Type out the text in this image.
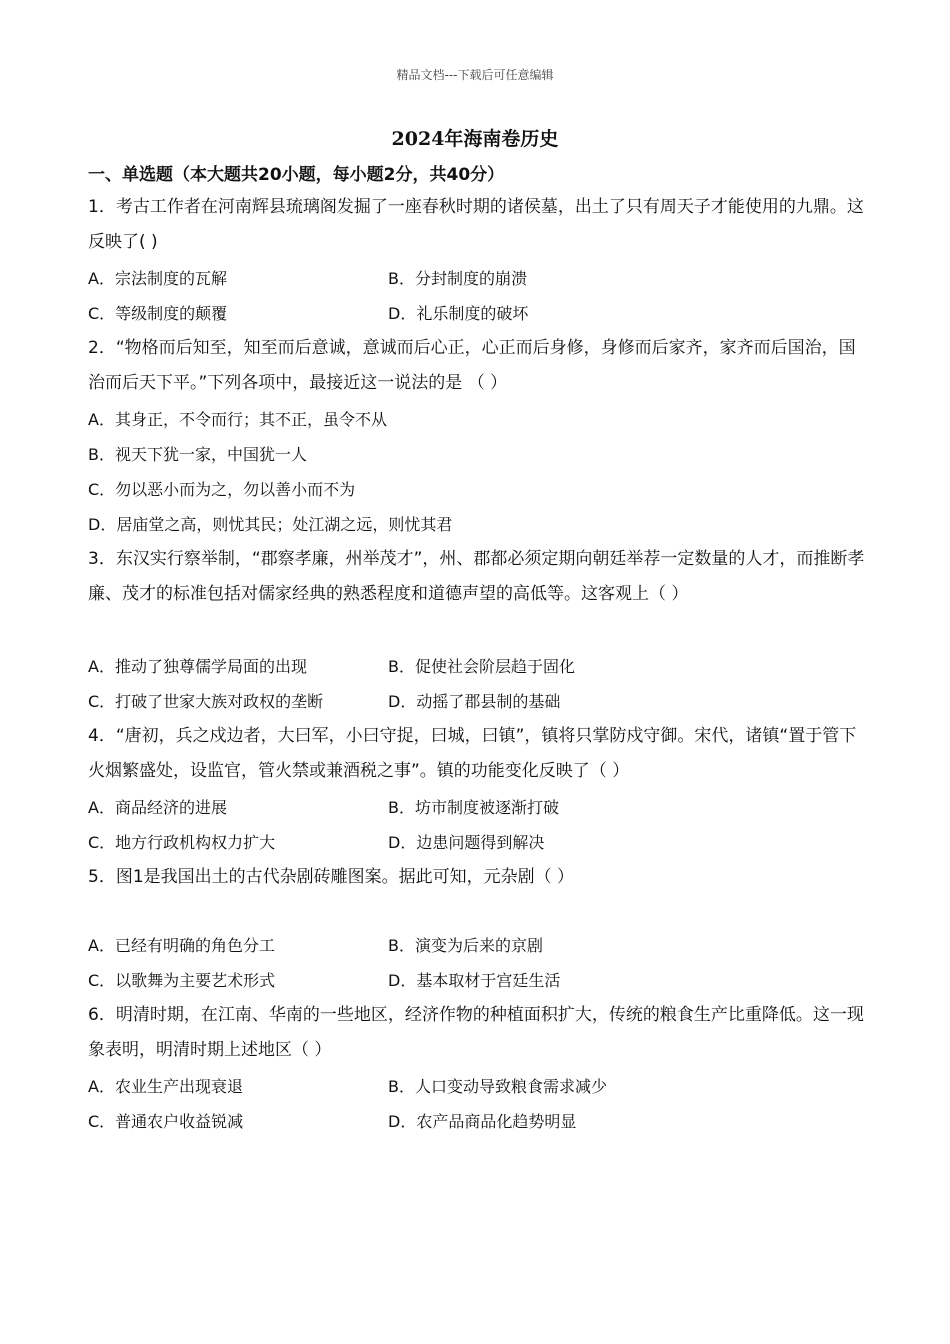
精品文档---下载后可任意编辑
2024年海南卷历史
一、单选题（本大题共20小题，每小题2分，共40分）
1．考古工作者在河南辉县琉璃阁发掘了一座春秋时期的诸侯墓，出土了只有周天子才能使用的九鼎。这反映了( )
A．宗法制度的瓦解	B．分封制度的崩溃
C．等级制度的颠覆	D．礼乐制度的破坏
2．“物格而后知至，知至而后意诚，意诚而后心正，心正而后身修，身修而后家齐，家齐而后国治，国治而后天下平。”下列各项中，最接近这一说法的是 （ ）
A．其身正，不令而行；其不正，虽令不从
B．视天下犹一家，中国犹一人
C．勿以恶小而为之，勿以善小而不为
D．居庙堂之高，则忧其民；处江湖之远，则忧其君
3．东汉实行察举制，“郡察孝廉，州举茂才”，州、郡都必须定期向朝廷举荐一定数量的人才，而推断孝廉、茂才的标准包括对儒家经典的熟悉程度和道德声望的高低等。这客观上（ ）
A．推动了独尊儒学局面的出现	B．促使社会阶层趋于固化
C．打破了世家大族对政权的垄断	D．动摇了郡县制的基础
4．“唐初，兵之戍边者，大曰军，小曰守捉，曰城，曰镇”，镇将只掌防戍守御。宋代，诸镇“置于管下火烟繁盛处，设监官，管火禁或兼酒税之事”。镇的功能变化反映了（ ）
A．商品经济的进展	B．坊市制度被逐渐打破
C．地方行政机构权力扩大	D．边患问题得到解决
5．图1是我国出土的古代杂剧砖雕图案。据此可知，元杂剧（ ）
A．已经有明确的角色分工	B．演变为后来的京剧
C．以歌舞为主要艺术形式	D．基本取材于宫廷生活
6．明清时期，在江南、华南的一些地区，经济作物的种植面积扩大，传统的粮食生产比重降低。这一现象表明，明清时期上述地区（ ）
A．农业生产出现衰退	B．人口变动导致粮食需求减少
C．普通农户收益锐减	D．农产品商品化趋势明显
